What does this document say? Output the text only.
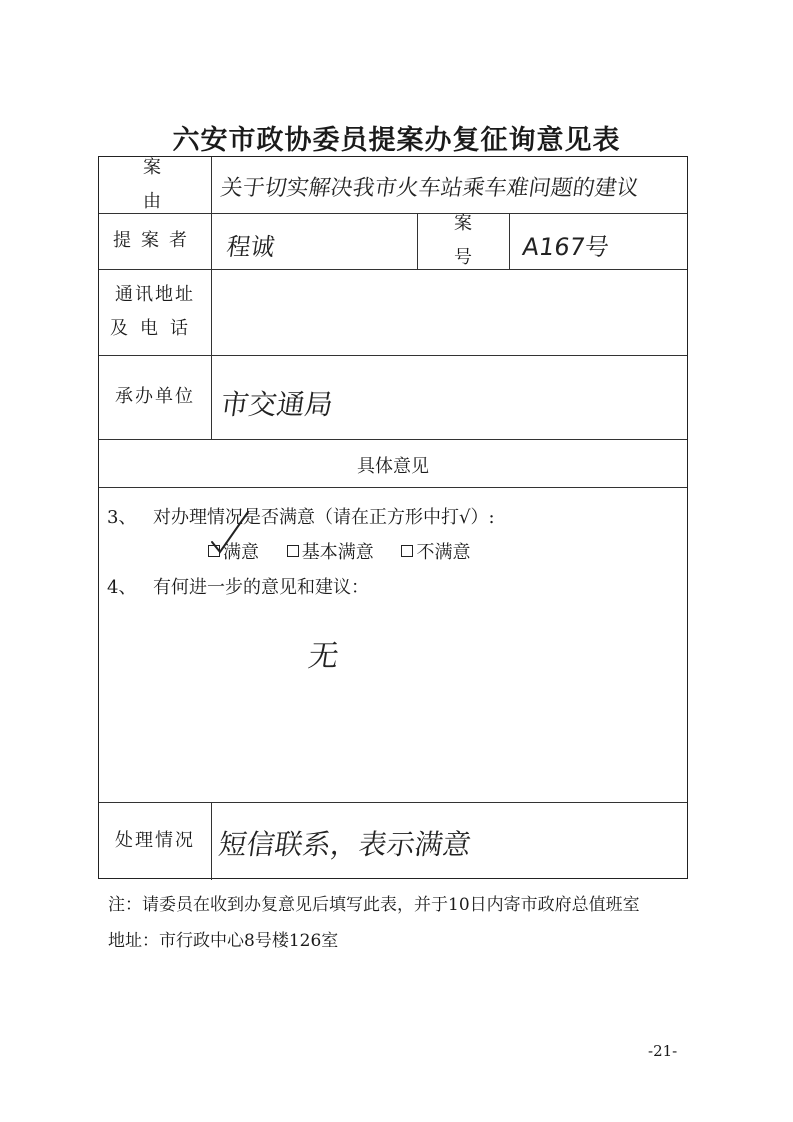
六安市政协委员提案办复征询意见表
案由
关于切实解决我市火车站乘车难问题的建议
提案者	程诚
案号	A167号
通讯地址
及电话
承办单位 市交通局
具体意见
3、 对办理情况是否满意（请在正方形中打√）:
4、 有何进一步的意见和建议：
无
处理情况 短信联系，表示满意
满意 基本满意 不满意
注：请委员在收到办复意见后填写此表，并于10日内寄市政府总值班室
地址：市行政中心8号楼126室
-21-
